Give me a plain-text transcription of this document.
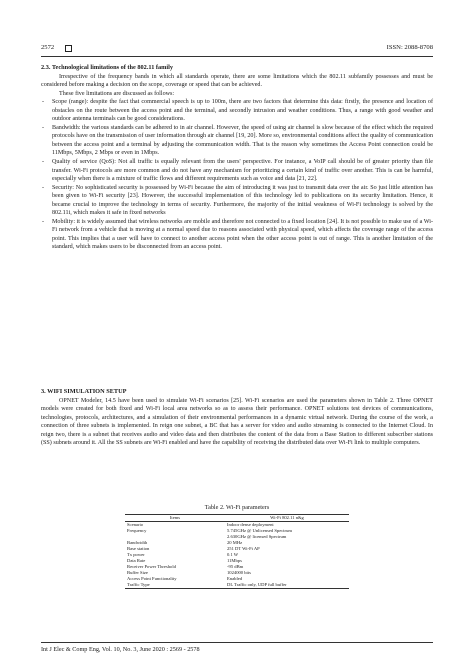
2572	ISSN: 2088-8708
2.3. Technological limitations of the 802.11 family

Irrespective of the frequency bands in which all standards operate, there are some limitations which the 802.11 subfamily possesses and must be considered before making a decision on the scope, coverage or speed that can be achieved.

These five limitations are discussed as follows:

- Scope (range): despite the fact that commercial speech is up to 100m, there are two factors that determine this data: firstly, the presence and location of obstacles on the route between the access point and the terminal, and secondly intrusion and weather conditions. Thus, a range with good weather and outdoor antenna terminals can be good considerations.
- Bandwidth: the various standards can be adhered to in air channel. However, the speed of using air channel is slow because of the effect which the required protocols have on the transmission of user information through air channel [19, 20]. More so, environmental conditions affect the quality of communication between the access point and a terminal by adjusting the communication width. That is the reason why sometimes the Access Point connection could be 11Mbps, 5Mbps, 2 Mbps or even in 1Mbps.
- Quality of service (QoS): Not all traffic is equally relevant from the users' perspective. For instance, a VoIP call should be of greater priority than file transfer. Wi-Fi protocols are more common and do not have any mechanism for prioritizing a certain kind of traffic over another. This is can be harmful, especially when there is a mixture of traffic flows and different requirements such as voice and data [21, 22].
- Security: No sophisticated security is possessed by Wi-Fi because the aim of introducing it was just to transmit data over the air. So just little attention has been given to Wi-Fi security [23]. However, the successful implementation of this technology led to publications on its security limitation. Hence, it became crucial to improve the technology in terms of security. Furthermore, the majority of the initial weakness of Wi-Fi technology is solved by the 802.11i, which makes it safe in fixed networks
- Mobility: it is widely assumed that wireless networks are mobile and therefore not connected to a fixed location [24]. It is not possible to make use of a Wi-Fi network from a vehicle that is moving at a normal speed due to reasons associated with physical speed, which affects the coverage range of the access point. This implies that a user will have to connect to another access point when the other access point is out of range. This is another limitation of the standard, which makes users to be disconnected from an access point.
3. WIFI SIMULATION SETUP

OPNET Modeler, 14.5 have been used to simulate Wi-Fi scenarios [25]. Wi-Fi scenarios are used the parameters shown in Table 2. Three OPNET models were created for both fixed and Wi-Fi local area networks so as to assess their performance. OPNET solutions test devices of communications, technologies, protocols, architectures, and a simulation of their environmental performances in a dynamic virtual network. During the course of the work, a connection of three subnets is implemented. In reign one subnet, a BC that has a server for video and audio streaming is connected to the Internet Cloud. In reign two, there is a subnet that receives audio and video data and then distributes the content of the data from a Base Station to different subscriber stations (SS) subnets around it. All the SS subnets are Wi-Fi enabled and have the capability of receiving the distributed data over Wi-Fi link to multiple computers.

Table 2. Wi-Fi parameters
Items	Wi-Fi 802.11 n&g
Scenario	Indoor dense deployment
Frequency	5.745GHz @ Unlicensed Spectrum
	2.630GHz @ licensed Spectrum
Bandwidth	20 MHz
Base station	251 DT Wi-Fi AP
Tx power	0.1 W
Data Rate	11Mbps
Receiver Power Threshold	-95 dBm
Buffer Size	1024000 bits
Access Point Functionality	Enabled
Traffic Type	DL Traffic only, UDP full buffer
Int J Elec & Comp Eng, Vol. 10, No. 3, June 2020 : 2569 - 2578
